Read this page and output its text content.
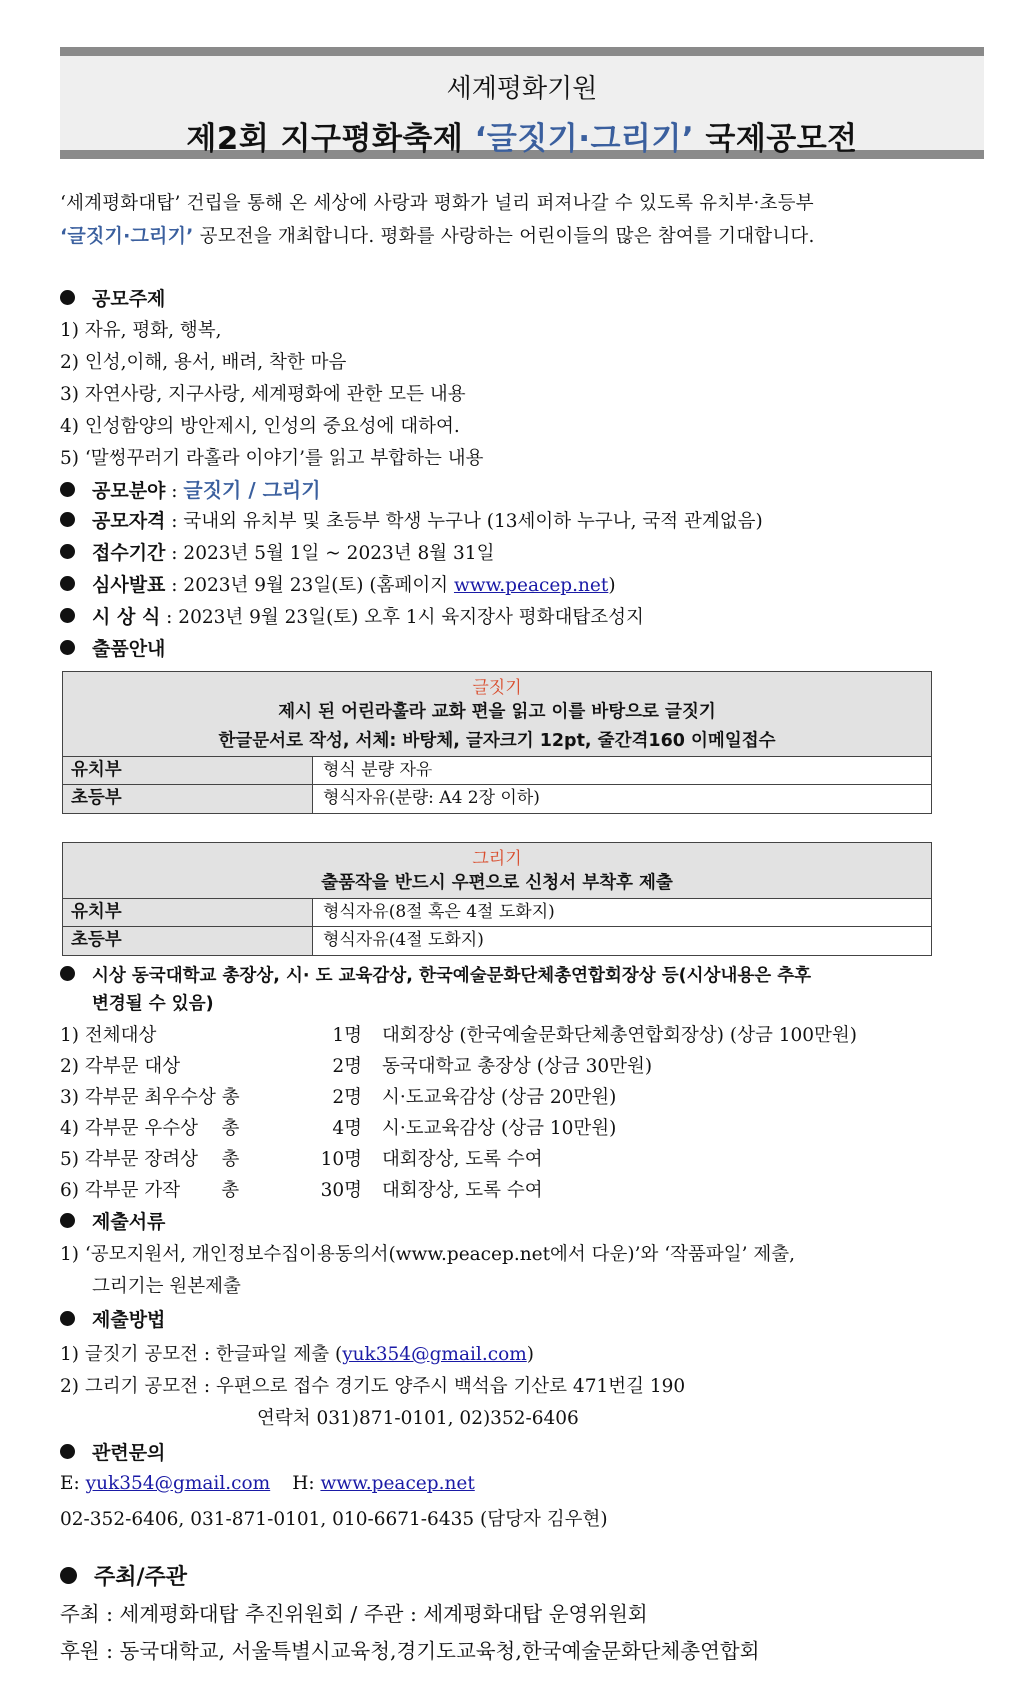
세계평화기원
제2회 지구평화축제 ‘글짓기·그리기’ 국제공모전
‘세계평화대탑’ 건립을 통해 온 세상에 사랑과 평화가 널리 퍼져나갈 수 있도록 유치부·초등부
‘글짓기·그리기’ 공모전을 개최합니다. 평화를 사랑하는 어린이들의 많은 참여를 기대합니다.
공모주제
1) 자유, 평화, 행복,
2) 인성,이해, 용서, 배려, 착한 마음
3) 자연사랑, 지구사랑, 세계평화에 관한 모든 내용
4) 인성함양의 방안제시, 인성의 중요성에 대하여.
5) ‘말썽꾸러기 라홀라 이야기’를 읽고 부합하는 내용
공모분야 : 글짓기 / 그리기
공모자격 : 국내외 유치부 및 초등부 학생 누구나 (13세이하 누구나, 국적 관계없음)
접수기간 : 2023년 5월 1일 ~ 2023년 8월 31일
심사발표 : 2023년 9월 23일(토) (홈페이지 www.peacep.net)
시 상 식 : 2023년 9월 23일(토) 오후 1시 육지장사 평화대탑조성지
출품안내
글짓기
제시 된 어린라훌라 교화 편을 읽고 이를 바탕으로 글짓기
한글문서로 작성, 서체: 바탕체, 글자크기 12pt, 줄간격160 이메일접수
유치부	형식 분량 자유
초등부	형식자유(분량: A4 2장 이하)
그리기
출품작을 반드시 우편으로 신청서 부착후 제출
유치부	형식자유(8절 혹은 4절 도화지)
초등부	형식자유(4절 도화지)
시상 동국대학교 총장상, 시· 도 교육감상, 한국예술문화단체총연합회장상 등(시상내용은 추후
변경될 수 있음)
1) 전체대상	1명 대회장상 (한국예술문화단체총연합회장상) (상금 100만원)
2) 각부문 대상	2명 동국대학교 총장상 (상금 30만원)
3) 각부문 최우수상 총	2명 시·도교육감상 (상금 20만원)
4) 각부문 우수상    총	4명 시·도교육감상 (상금 10만원)
5) 각부문 장려상    총	10명 대회장상, 도록 수여
6) 각부문 가작       총	30명 대회장상, 도록 수여
제출서류
1) ‘공모지원서, 개인정보수집이용동의서(www.peacep.net에서 다운)’와 ‘작품파일’ 제출,
그리기는 원본제출
제출방법
1) 글짓기 공모전 : 한글파일 제출 (yuk354@gmail.com)
2) 그리기 공모전 : 우편으로 접수 경기도 양주시 백석읍 기산로 471번길 190
연락처 031)871-0101, 02)352-6406
관련문의
E: yuk354@gmail.com H: www.peacep.net
02-352-6406, 031-871-0101, 010-6671-6435 (담당자 김우현)
주최/주관
주최 : 세계평화대탑 추진위원회 / 주관 : 세계평화대탑 운영위원회
후원 : 동국대학교, 서울특별시교육청,경기도교육청,한국예술문화단체총연합회
